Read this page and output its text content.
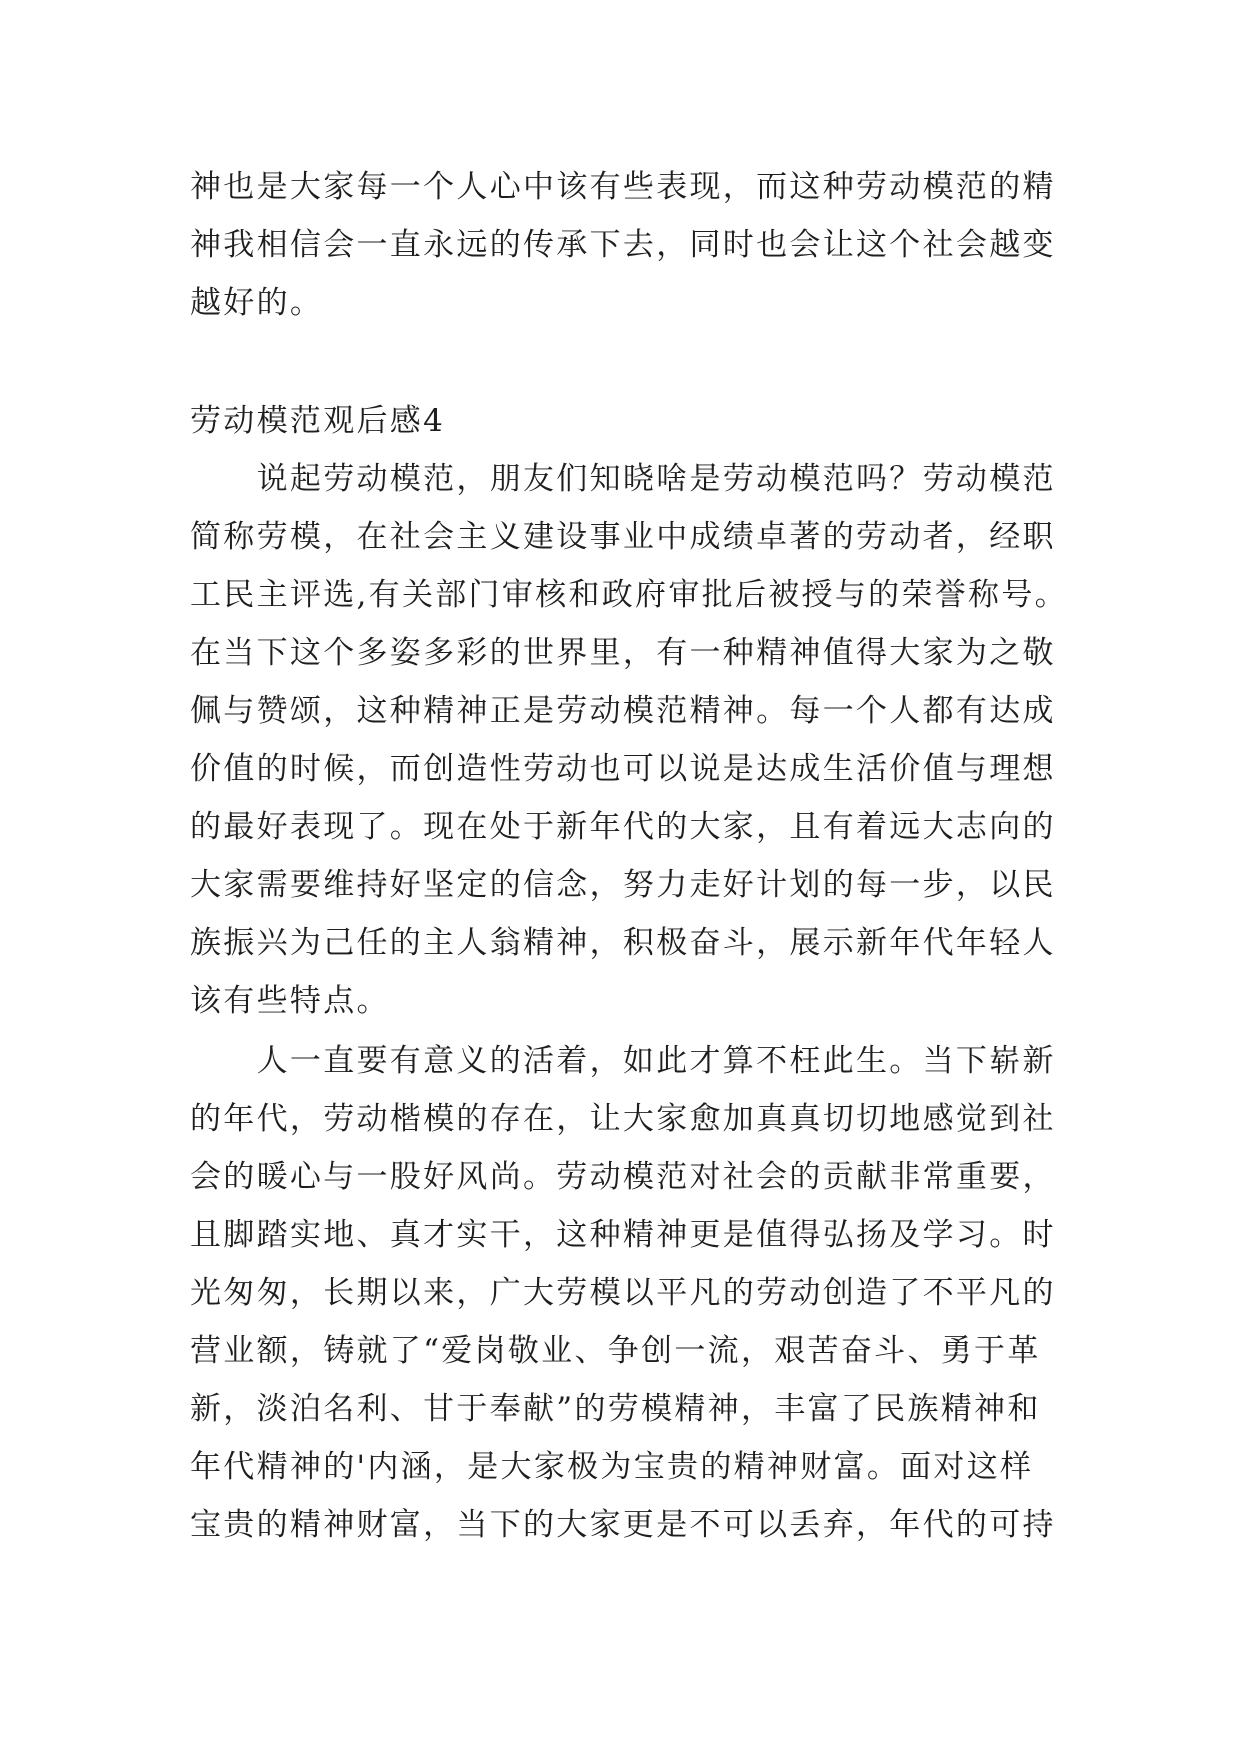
神也是大家每一个人心中该有些表现，而这种劳动模范的精
神我相信会一直永远的传承下去，同时也会让这个社会越变
越好的。
劳动模范观后感4
　　说起劳动模范，朋友们知晓啥是劳动模范吗？劳动模范
简称劳模，在社会主义建设事业中成绩卓著的劳动者，经职
工民主评选,有关部门审核和政府审批后被授与的荣誉称号。
在当下这个多姿多彩的世界里，有一种精神值得大家为之敬
佩与赞颂，这种精神正是劳动模范精神。每一个人都有达成
价值的时候，而创造性劳动也可以说是达成生活价值与理想
的最好表现了。现在处于新年代的大家，且有着远大志向的
大家需要维持好坚定的信念，努力走好计划的每一步，以民
族振兴为己任的主人翁精神，积极奋斗，展示新年代年轻人
该有些特点。
　　人一直要有意义的活着，如此才算不枉此生。当下崭新
的年代，劳动楷模的存在，让大家愈加真真切切地感觉到社
会的暖心与一股好风尚。劳动模范对社会的贡献非常重要，
且脚踏实地、真才实干，这种精神更是值得弘扬及学习。时
光匆匆，长期以来，广大劳模以平凡的劳动创造了不平凡的
营业额，铸就了“爱岗敬业、争创一流，艰苦奋斗、勇于革
新，淡泊名利、甘于奉献”的劳模精神，丰富了民族精神和
年代精神的'内涵，是大家极为宝贵的精神财富。面对这样
宝贵的精神财富，当下的大家更是不可以丢弃，年代的可持
